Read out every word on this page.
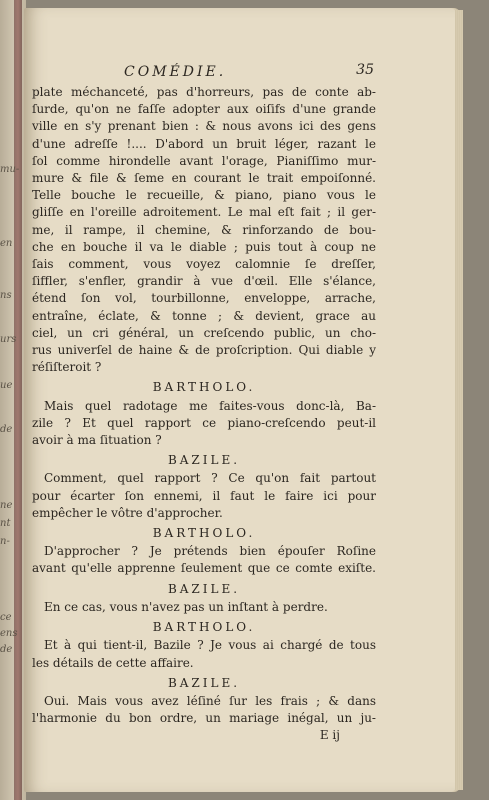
mu-
en
ns
urs
ue
de
ne
nt
n-
ce
ens
de
COMÉDIE.	35
plate méchanceté, pas d'horreurs, pas de conte ab-
ſurde, qu'on ne faſſe adopter aux oiſifs d'une grande
ville en s'y prenant bien : & nous avons ici des gens
d'une adreſſe !.... D'abord un bruit léger, razant le
ſol comme hirondelle avant l'orage, Pianiſſimo mur-
mure & file & ſeme en courant le trait empoiſonné.
Telle bouche le recueille, & piano, piano vous le
gliſſe en l'oreille adroitement. Le mal eſt fait ; il ger-
me, il rampe, il chemine, & rinforzando de bou-
che en bouche il va le diable ; puis tout à coup ne
ſais comment, vous voyez calomnie ſe dreſſer,
ſiffler, s'enfler, grandir à vue d'œil. Elle s'élance,
étend ſon vol, tourbillonne, enveloppe, arrache,
entraîne, éclate, & tonne ; & devient, grace au
ciel, un cri général, un creſcendo public, un cho-
rus univerſel de haine & de proſcription. Qui diable y
réſiſteroit ?
BARTHOLO.
Mais quel radotage me faites-vous donc-là, Ba-
zile ? Et quel rapport ce piano-creſcendo peut-il
avoir à ma ſituation ?
BAZILE.
Comment, quel rapport ? Ce qu'on fait partout
pour écarter ſon ennemi, il faut le faire ici pour
empêcher le vôtre d'approcher.
BARTHOLO.
D'approcher ? Je prétends bien épouſer Roſine
avant qu'elle apprenne ſeulement que ce comte exiſte.
BAZILE.
En ce cas, vous n'avez pas un inſtant à perdre.
BARTHOLO.
Et à qui tient-il, Bazile ? Je vous ai chargé de tous
les détails de cette affaire.
BAZILE.
Oui. Mais vous avez léſiné ſur les frais ; & dans
l'harmonie du bon ordre, un mariage inégal, un ju-
E ij
